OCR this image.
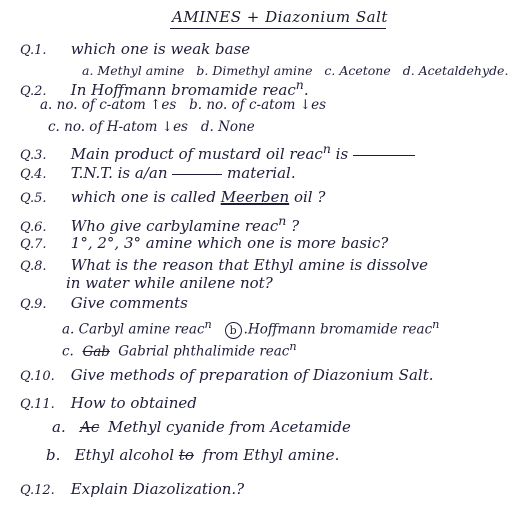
AMINES + Diazonium Salt
Q.1. which one is weak base
a. Methyl amine b. Dimethyl amine c. Acetone d. Acetaldehyde.
Q.2. In Hoffmann bromamide reac$^n$.
a. no. of c-atom ↑es b. no. of c-atom ↓es
c. no. of H-atom ↓es d. None
Q.3. Main product of mustard oil reac$^n$ is
Q.4. T.N.T. is a/an	material.
Q.5. which one is called Meerben oil ?
Q.6. Who give carbylamine reac$^n$ ?
Q.7. 1°, 2°, 3° amine which one is more basic?
Q.8. What is the reason that Ethyl amine is dissolve
in water while anilene not?
Q.9. Give comments
a. Carbyl amine reac$^n$ b .Hoffmann bromamide reac$^n$
c. Gab Gabrial phthalimide reac$^n$
Q.10. Give methods of preparation of Diazonium Salt.
Q.11. How to obtained
a. Ac Methyl cyanide from Acetamide
b. Ethyl alcohol to from Ethyl amine.
Q.12. Explain Diazolization.?
